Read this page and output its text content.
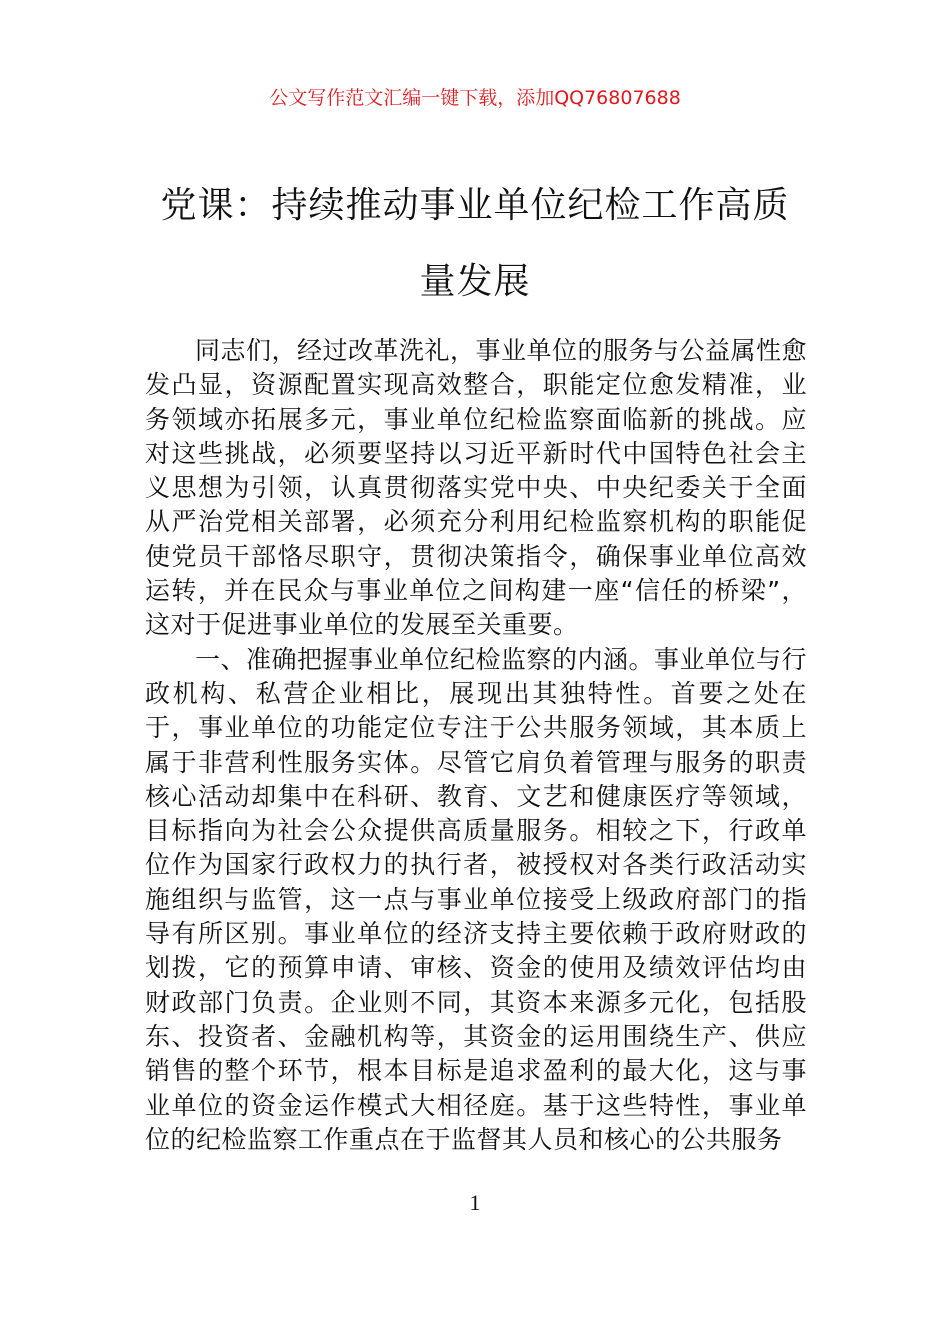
公文写作范文汇编一键下载，添加QQ76807688
党课：持续推动事业单位纪检工作高质量发展

同志们，经过改革洗礼，事业单位的服务与公益属性愈发凸显，资源配置实现高效整合，职能定位愈发精准，业务领域亦拓展多元，事业单位纪检监察面临新的挑战。应对这些挑战，必须要坚持以习近平新时代中国特色社会主义思想为引领，认真贯彻落实党中央、中央纪委关于全面从严治党相关部署，必须充分利用纪检监察机构的职能促使党员干部恪尽职守，贯彻决策指令，确保事业单位高效运转，并在民众与事业单位之间构建一座“信任的桥梁”，这对于促进事业单位的发展至关重要。

一、准确把握事业单位纪检监察的内涵。事业单位与行政机构、私营企业相比，展现出其独特性。首要之处在于，事业单位的功能定位专注于公共服务领域，其本质上属于非营利性服务实体。尽管它肩负着管理与服务的职责核心活动却集中在科研、教育、文艺和健康医疗等领域，目标指向为社会公众提供高质量服务。相较之下，行政单位作为国家行政权力的执行者，被授权对各类行政活动实施组织与监管，这一点与事业单位接受上级政府部门的指导有所区别。事业单位的经济支持主要依赖于政府财政的划拨，它的预算申请、审核、资金的使用及绩效评估均由财政部门负责。企业则不同，其资本来源多元化，包括股东、投资者、金融机构等，其资金的运用围绕生产、供应销售的整个环节，根本目标是追求盈利的最大化，这与事业单位的资金运作模式大相径庭。基于这些特性，事业单位的纪检监察工作重点在于监督其人员和核心的公共服务

1
